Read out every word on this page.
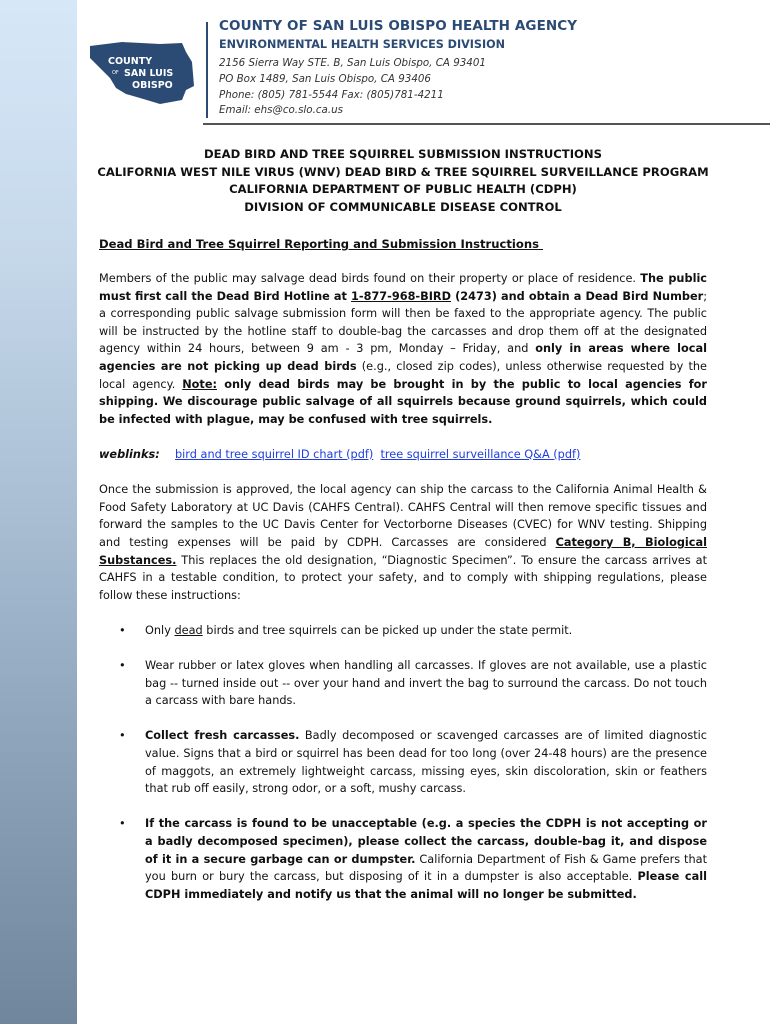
COUNTY
OF SAN LUIS
OBISPO
COUNTY OF SAN LUIS OBISPO HEALTH AGENCY
ENVIRONMENTAL HEALTH SERVICES DIVISION
2156 Sierra Way STE. B, San Luis Obispo, CA 93401
PO Box 1489, San Luis Obispo, CA 93406
Phone: (805) 781-5544 Fax: (805)781-4211
Email: ehs@co.slo.ca.us
DEAD BIRD AND TREE SQUIRREL SUBMISSION INSTRUCTIONS
CALIFORNIA WEST NILE VIRUS (WNV) DEAD BIRD & TREE SQUIRREL SURVEILLANCE PROGRAM
CALIFORNIA DEPARTMENT OF PUBLIC HEALTH (CDPH)
DIVISION OF COMMUNICABLE DISEASE CONTROL
Dead Bird and Tree Squirrel Reporting and Submission Instructions

Members of the public may salvage dead birds found on their property or place of residence. The public must first call the Dead Bird Hotline at 1-877-968-BIRD (2473) and obtain a Dead Bird Number; a corresponding public salvage submission form will then be faxed to the appropriate agency. The public will be instructed by the hotline staff to double-bag the carcasses and drop them off at the designated agency within 24 hours, between 9 am - 3 pm, Monday – Friday, and only in areas where local agencies are not picking up dead birds (e.g., closed zip codes), unless otherwise requested by the local agency. Note: only dead birds may be brought in by the public to local agencies for shipping. We discourage public salvage of all squirrels because ground squirrels, which could be infected with plague, may be confused with tree squirrels.

weblinks: bird and tree squirrel ID chart (pdf) tree squirrel surveillance Q&A (pdf)

Once the submission is approved, the local agency can ship the carcass to the California Animal Health & Food Safety Laboratory at UC Davis (CAHFS Central). CAHFS Central will then remove specific tissues and forward the samples to the UC Davis Center for Vectorborne Diseases (CVEC) for WNV testing. Shipping and testing expenses will be paid by CDPH. Carcasses are considered Category B, Biological Substances. This replaces the old designation, “Diagnostic Specimen”. To ensure the carcass arrives at CAHFS in a testable condition, to protect your safety, and to comply with shipping regulations, please follow these instructions:

• Only dead birds and tree squirrels can be picked up under the state permit.
• Wear rubber or latex gloves when handling all carcasses. If gloves are not available, use a plastic bag -- turned inside out -- over your hand and invert the bag to surround the carcass. Do not touch a carcass with bare hands.
• Collect fresh carcasses. Badly decomposed or scavenged carcasses are of limited diagnostic value. Signs that a bird or squirrel has been dead for too long (over 24-48 hours) are the presence of maggots, an extremely lightweight carcass, missing eyes, skin discoloration, skin or feathers that rub off easily, strong odor, or a soft, mushy carcass.
• If the carcass is found to be unacceptable (e.g. a species the CDPH is not accepting or a badly decomposed specimen), please collect the carcass, double-bag it, and dispose of it in a secure garbage can or dumpster. California Department of Fish & Game prefers that you burn or bury the carcass, but disposing of it in a dumpster is also acceptable. Please call CDPH immediately and notify us that the animal will no longer be submitted.
